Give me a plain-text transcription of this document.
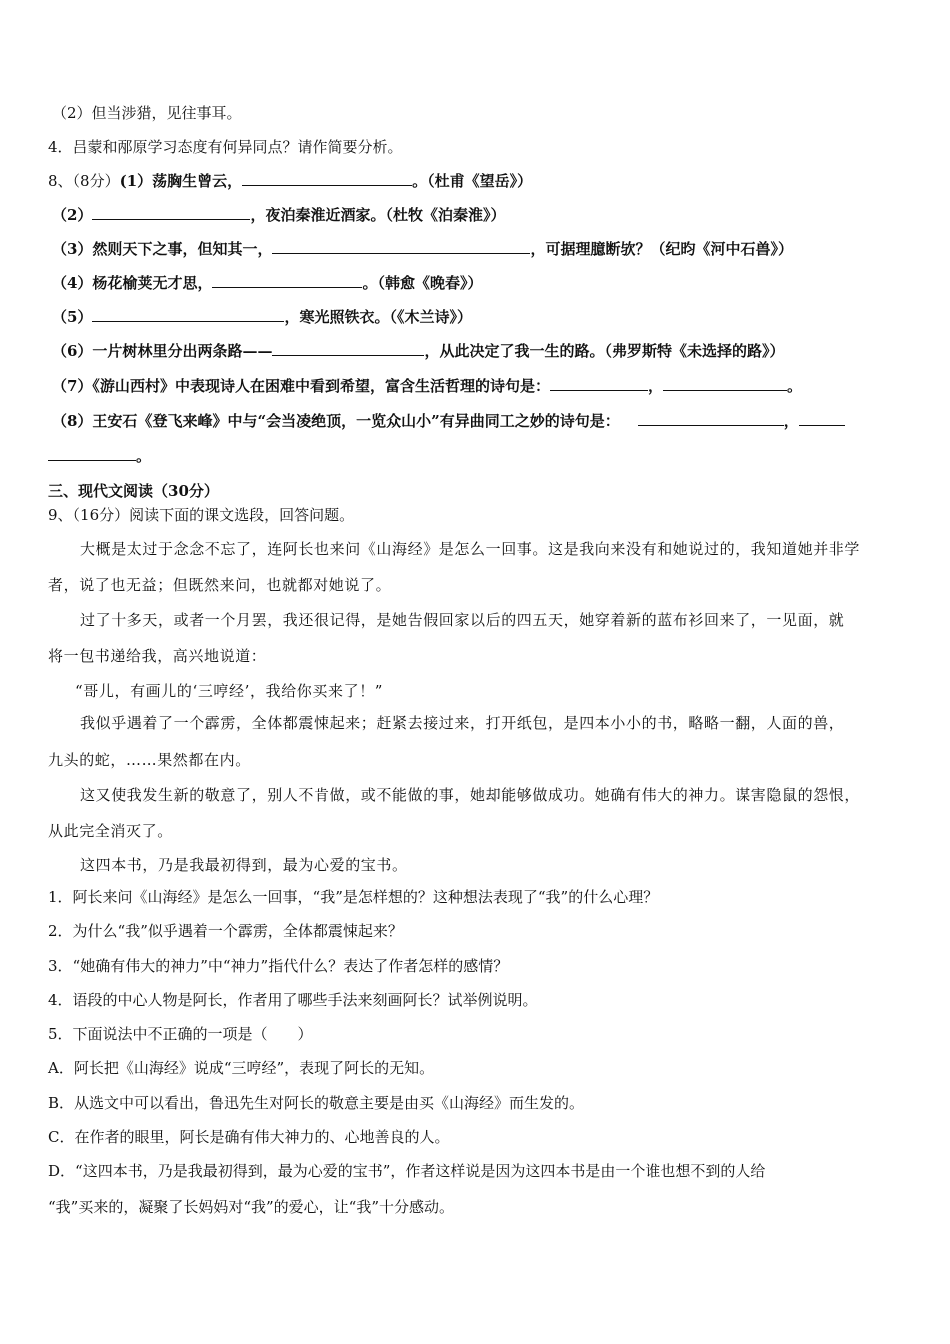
（2）但当涉猎，见往事耳。
4．吕蒙和邴原学习态度有何异同点？请作简要分析。
8、（8分）(1）荡胸生曾云，	。（杜甫《望岳》）
（2）	，夜泊秦淮近酒家。（杜牧《泊秦淮》）
（3）然则天下之事，但知其一，	，可据理臆断欤？（纪昀《河中石兽》）
（4）杨花榆荚无才思，	。（韩愈《晚春》）
（5）	，寒光照铁衣。（《木兰诗》）
（6）一片树林里分出两条路——	，从此决定了我一生的路。（弗罗斯特《未选择的路》）
（7）《游山西村》中表现诗人在困难中看到希望，富含生活哲理的诗句是：	，	。
（8）王安石《登飞来峰》中与“会当凌绝顶，一览众山小”有异曲同工之妙的诗句是：	，
。
三、现代文阅读（30分）
9、（16分）阅读下面的课文选段，回答问题。
大概是太过于念念不忘了，连阿长也来问《山海经》是怎么一回事。这是我向来没有和她说过的，我知道她并非学
者，说了也无益；但既然来问，也就都对她说了。
过了十多天，或者一个月罢，我还很记得，是她告假回家以后的四五天，她穿着新的蓝布衫回来了，一见面，就
将一包书递给我，高兴地说道：
“哥儿，有画儿的‘三哼经’，我给你买来了！”
我似乎遇着了一个霹雳，全体都震悚起来；赶紧去接过来，打开纸包，是四本小小的书，略略一翻，人面的兽，
九头的蛇，……果然都在内。
这又使我发生新的敬意了，别人不肯做，或不能做的事，她却能够做成功。她确有伟大的神力。谋害隐鼠的怨恨，
从此完全消灭了。
这四本书，乃是我最初得到，最为心爱的宝书。
1．阿长来问《山海经》是怎么一回事，“我”是怎样想的？这种想法表现了“我”的什么心理？
2．为什么“我”似乎遇着一个霹雳，全体都震悚起来？
3．“她确有伟大的神力”中“神力”指代什么？表达了作者怎样的感情？
4．语段的中心人物是阿长，作者用了哪些手法来刻画阿长？试举例说明。
5．下面说法中不正确的一项是（　　）
A．阿长把《山海经》说成“三哼经”，表现了阿长的无知。
B．从选文中可以看出，鲁迅先生对阿长的敬意主要是由买《山海经》而生发的。
C．在作者的眼里，阿长是确有伟大神力的、心地善良的人。
D．“这四本书，乃是我最初得到，最为心爱的宝书”，作者这样说是因为这四本书是由一个谁也想不到的人给
“我”买来的，凝聚了长妈妈对“我”的爱心，让“我”十分感动。
